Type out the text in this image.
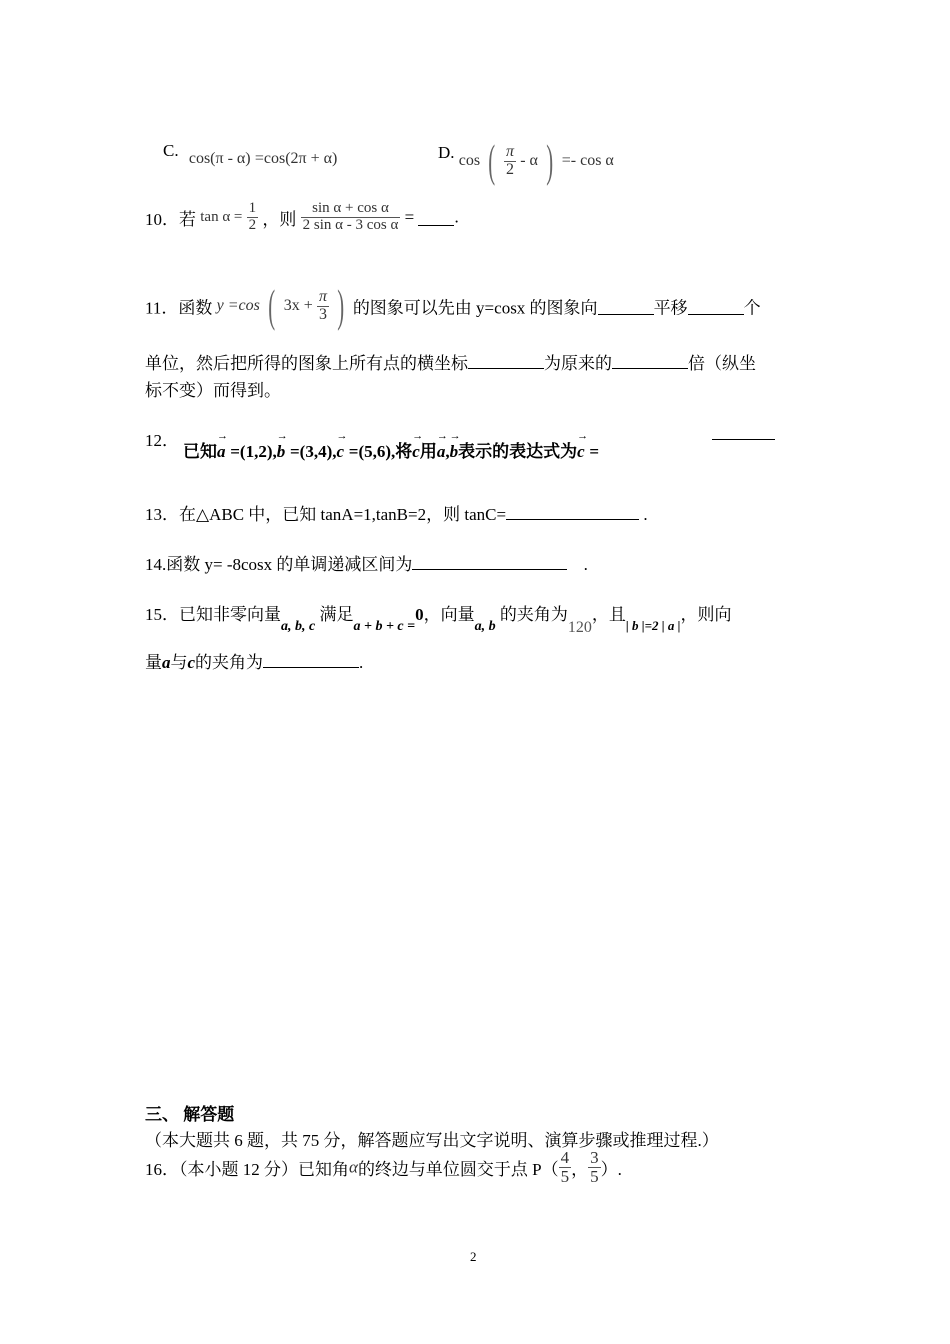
C. cos(π - α) =cos(2π + α)	D. cos ( $\frac{\pi}{2}$ - α ) =- cos α
10．若 $\tan \alpha = \frac{1}{2}$ ，则 $\frac{\text{sin α + cos α}}{\text{2 sin α - 3 cos α}}$ = .
11．函数 y =cos ( $3x + \frac{\pi}{3}$ ) 的图象可以先由 y=cosx 的图象向	平移	个
单位，然后把所得的图象上所有点的横坐标	为原来的	倍（纵坐
标不变）而得到。
12．
已知→ a =(1,2),→ b =(3,4),→ c =(5,6),将→ c用→ a,→ b表示的表达式为→ c =
13．在△ABC 中，已知 tanA=1,tanB=2，则 tanC=	.
14.函数 y= -8cosx 的单调递减区间为	.
15．已知非零向量$_{a, b, c}$ 满足$_{a + b + c =}$0，向量$_{a, b}$ 的夹角为120，且$_{| b |=2 | a |}$，则向
量a与c的夹角为	.
三、 解答题
（本大题共 6 题，共 75 分，解答题应写出文字说明、演算步骤或推理过程.）
16．（本小题 12 分）已知角α的终边与单位圆交于点 $P( \frac{4}{5}$ ， $\frac{3}{5}$ ）.
2
